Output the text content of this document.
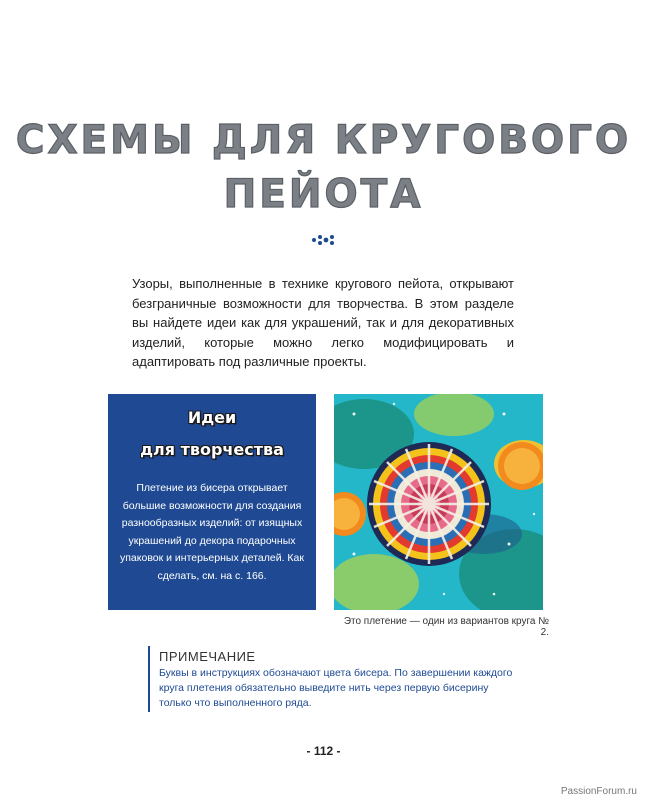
СХЕМЫ ДЛЯ КРУГОВОГО
ПЕЙОТА
Узоры, выполненные в технике кругового пейота, открывают безграничные возможности для творчества. В этом разделе вы найдете идеи как для украшений, так и для декоративных изделий, которые можно легко модифицировать и адаптировать под различные проекты.
Идеи
для творчества
Плетение из бисера открывает большие возможности для создания разнообразных изделий: от изящных украшений до декора подарочных упаковок и интерьерных деталей. Как сделать, см. на с. 166.
Это плетение — один из вариантов круга № 2.
ПРИМЕЧАНИЕ
Буквы в инструкциях обозначают цвета бисера. По завершении каждого круга плетения обязательно выведите нить через первую бисерину только что выполненного ряда.
- 112 -
PassionForum.ru
